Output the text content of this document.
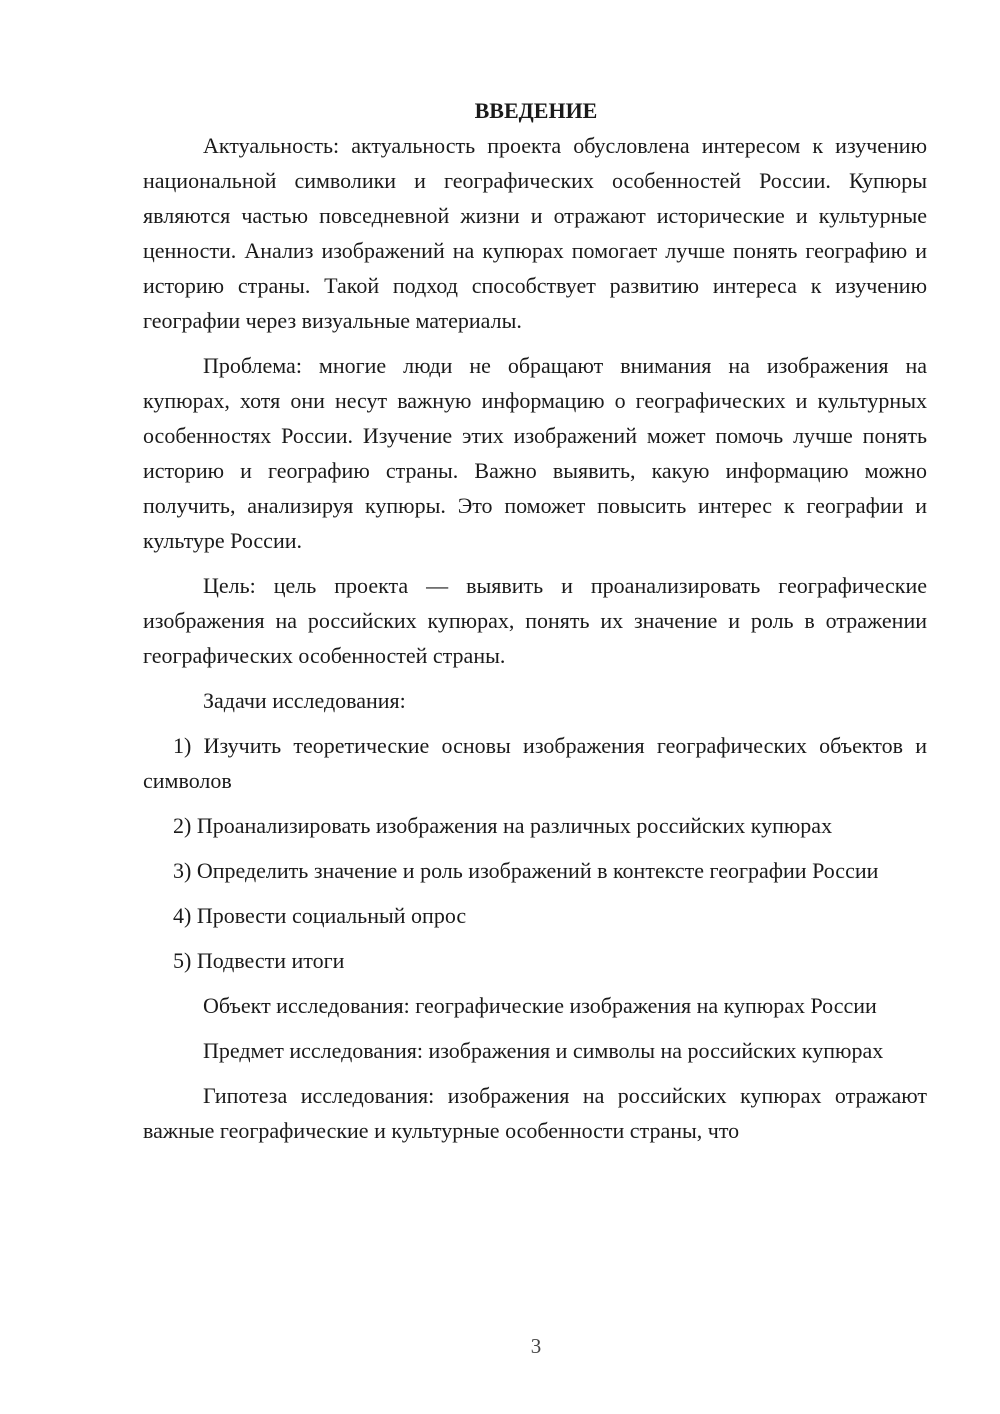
ВВЕДЕНИЕ

Актуальность: актуальность проекта обусловлена интересом к изучению национальной символики и географических особенностей России. Купюры являются частью повседневной жизни и отражают исторические и культурные ценности. Анализ изображений на купюрах помогает лучше понять географию и историю страны. Такой подход способствует развитию интереса к изучению географии через визуальные материалы.

Проблема: многие люди не обращают внимания на изображения на купюрах, хотя они несут важную информацию о географических и культурных особенностях России. Изучение этих изображений может помочь лучше понять историю и географию страны. Важно выявить, какую информацию можно получить, анализируя купюры. Это поможет повысить интерес к географии и культуре России.

Цель: цель проекта — выявить и проанализировать географические изображения на российских купюрах, понять их значение и роль в отражении географических особенностей страны.

Задачи исследования:

1) Изучить теоретические основы изображения географических объектов и символов

2) Проанализировать изображения на различных российских купюрах

3) Определить значение и роль изображений в контексте географии России

4) Провести социальный опрос

5) Подвести итоги

Объект исследования: географические изображения на купюрах России

Предмет исследования: изображения и символы на российских купюрах

Гипотеза исследования: изображения на российских купюрах отражают важные географические и культурные особенности страны, что

3
